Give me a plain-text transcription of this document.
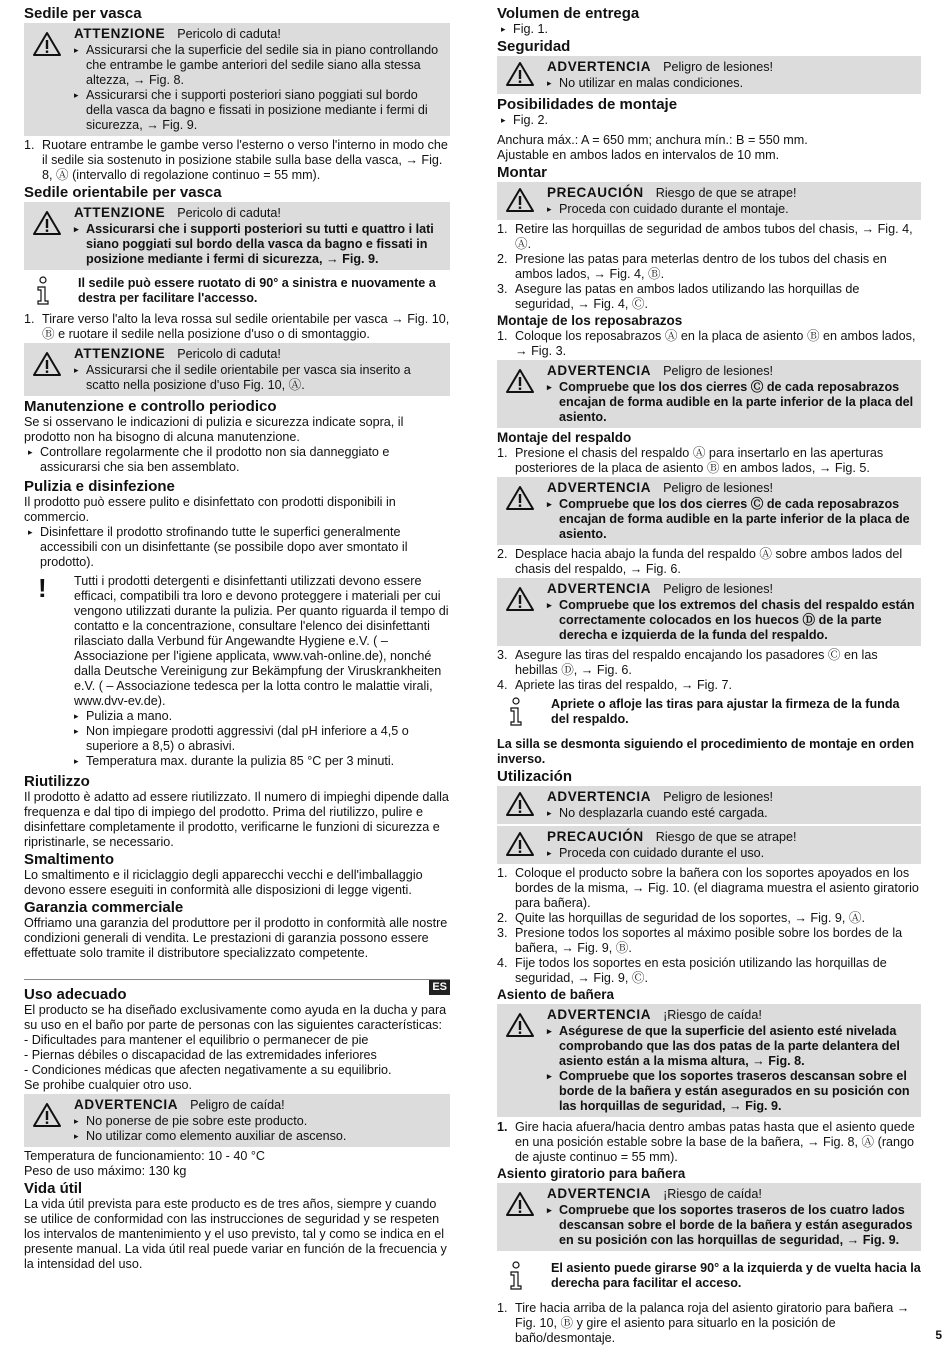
Sedile per vasca
ATTENZIONE Pericolo di caduta!

▸ Assicurarsi che la superficie del sedile sia in piano controllando che entrambe le gambe anteriori del sedile siano alla stessa altezza, → Fig. 8.

▸ Assicurarsi che i supporti posteriori siano poggiati sul bordo della vasca da bagno e fissati in posizione mediante i fermi di sicurezza, → Fig. 9.

1. Ruotare entrambe le gambe verso l'esterno o verso l'interno in modo che il sedile sia sostenuto in posizione stabile sulla base della vasca, → Fig. 8, Ⓐ (intervallo di regolazione continuo = 55 mm).

Sedile orientabile per vasca
ATTENZIONE Pericolo di caduta!

▸ Assicurarsi che i supporti posteriori su tutti e quattro i lati siano poggiati sul bordo della vasca da bagno e fissati in posizione mediante i fermi di sicurezza, → Fig. 9.

Il sedile può essere ruotato di 90° a sinistra e nuovamente a destra per facilitare l'accesso.

1. Tirare verso l'alto la leva rossa sul sedile orientabile per vasca → Fig. 10, Ⓑ e ruotare il sedile nella posizione d'uso o di smontaggio.

ATTENZIONE Pericolo di caduta!

▸ Assicurarsi che il sedile orientabile per vasca sia inserito a scatto nella posizione d'uso Fig. 10, Ⓐ.

Manutenzione e controllo periodico

Se si osservano le indicazioni di pulizia e sicurezza indicate sopra, il prodotto non ha bisogno di alcuna manutenzione.

▸ Controllare regolarmente che il prodotto non sia danneggiato e assicurarsi che sia ben assemblato.

Pulizia e disinfezione

Il prodotto può essere pulito e disinfettato con prodotti disponibili in commercio.

▸ Disinfettare il prodotto strofinando tutte le superfici generalmente accessibili con un disinfettante (se possibile dopo aver smontato il prodotto).

! Tutti i prodotti detergenti e disinfettanti utilizzati devono essere efficaci, compatibili tra loro e devono proteggere i materiali per cui vengono utilizzati durante la pulizia. Per quanto riguarda il tempo di contatto e la concentrazione, consultare l'elenco dei disinfettanti rilasciato dalla Verbund für Angewandte Hygiene e.V. ( – Associazione per l'igiene applicata, www.vah-online.de), nonché dalla Deutsche Vereinigung zur Bekämpfung der Viruskrankheiten e.V. ( – Associazione tedesca per la lotta contro le malattie virali, www.dvv-ev.de).

▸ Pulizia a mano.

▸ Non impiegare prodotti aggressivi (dal pH inferiore a 4,5 o superiore a 8,5) o abrasivi.

▸ Temperatura max. durante la pulizia 85 °C per 3 minuti.

Riutilizzo

Il prodotto è adatto ad essere riutilizzato. Il numero di impieghi dipende dalla frequenza e dal tipo di impiego del prodotto. Prima del riutilizzo, pulire e disinfettare completamente il prodotto, verificarne le funzioni di sicurezza e ripristinarle, se necessario.

Smaltimento

Lo smaltimento e il riciclaggio degli apparecchi vecchi e dell'imballaggio devono essere eseguiti in conformità alle disposizioni di legge vigenti.

Garanzia commerciale

Offriamo una garanzia del produttore per il prodotto in conformità alle nostre condizioni generali di vendita. Le prestazioni di garanzia possono essere effettuate solo tramite il distributore specializzato competente.

ES
Uso adecuado

El producto se ha diseñado exclusivamente como ayuda en la ducha y para su uso en el baño por parte de personas con las siguientes características:

- Dificultades para mantener el equilibrio o permanecer de pie

- Piernas débiles o discapacidad de las extremidades inferiores

- Condiciones médicas que afecten negativamente a su equilibrio.

Se prohibe cualquier otro uso.

ADVERTENCIA Peligro de caída!

▸ No ponerse de pie sobre este producto.

▸ No utilizar como elemento auxiliar de ascenso.

Temperatura de funcionamiento: 10 - 40 °C

Peso de uso máximo: 130 kg

Vida útil

La vida útil prevista para este producto es de tres años, siempre y cuando se utilice de conformidad con las instrucciones de seguridad y se respeten los intervalos de mantenimiento y el uso previsto, tal y como se indica en el presente manual. La vida útil real puede variar en función de la frecuencia y la intensidad del uso.

Volumen de entrega

▸ Fig. 1.

Seguridad
ADVERTENCIA Peligro de lesiones!

▸ No utilizar en malas condiciones.

Posibilidades de montaje

▸ Fig. 2.

Anchura máx.: A = 650 mm; anchura mín.: B = 550 mm.

Ajustable en ambos lados en intervalos de 10 mm.

Montar
PRECAUCIÓN Riesgo de que se atrape!

▸ Proceda con cuidado durante el montaje.

1. Retire las horquillas de seguridad de ambos tubos del chasis, → Fig. 4, Ⓐ.

2. Presione las patas para meterlas dentro de los tubos del chasis en ambos lados, → Fig. 4, Ⓑ.

3. Asegure las patas en ambos lados utilizando las horquillas de seguridad, → Fig. 4, Ⓒ.

Montaje de los reposabrazos

1. Coloque los reposabrazos Ⓐ en la placa de asiento Ⓑ en ambos lados, → Fig. 3.

ADVERTENCIA Peligro de lesiones!

▸ Compruebe que los dos cierres Ⓒ de cada reposabrazos encajan de forma audible en la parte inferior de la placa del asiento.

Montaje del respaldo

1. Presione el chasis del respaldo Ⓐ para insertarlo en las aperturas posteriores de la placa de asiento Ⓑ en ambos lados, → Fig. 5.

ADVERTENCIA Peligro de lesiones!

▸ Compruebe que los dos cierres Ⓒ de cada reposabrazos encajan de forma audible en la parte inferior de la placa de asiento.

2. Desplace hacia abajo la funda del respaldo Ⓐ sobre ambos lados del chasis del respaldo, → Fig. 6.

ADVERTENCIA Peligro de lesiones!

▸ Compruebe que los extremos del chasis del respaldo están correctamente colocados en los huecos Ⓓ de la parte derecha e izquierda de la funda del respaldo.

3. Asegure las tiras del respaldo encajando los pasadores Ⓒ en las hebillas Ⓓ, → Fig. 6.

4. Apriete las tiras del respaldo, → Fig. 7.

Apriete o afloje las tiras para ajustar la firmeza de la funda del respaldo.

La silla se desmonta siguiendo el procedimiento de montaje en orden inverso.

Utilización
ADVERTENCIA Peligro de lesiones!

▸ No desplazarla cuando esté cargada.

PRECAUCIÓN Riesgo de que se atrape!

▸ Proceda con cuidado durante el uso.

1. Coloque el producto sobre la bañera con los soportes apoyados en los bordes de la misma, → Fig. 10. (el diagrama muestra el asiento giratorio para bañera).

2. Quite las horquillas de seguridad de los soportes, → Fig. 9, Ⓐ.

3. Presione todos los soportes al máximo posible sobre los bordes de la bañera, → Fig. 9, Ⓑ.

4. Fije todos los soportes en esta posición utilizando las horquillas de seguridad, → Fig. 9, Ⓒ.

Asiento de bañera
ADVERTENCIA ¡Riesgo de caída!

▸ Aségurese de que la superficie del asiento esté nivelada comprobando que las dos patas de la parte delantera del asiento están a la misma altura, → Fig. 8.

▸ Compruebe que los soportes traseros descansan sobre el borde de la bañera y están asegurados en su posición con las horquillas de seguridad, → Fig. 9.

1. Gire hacia afuera/hacia dentro ambas patas hasta que el asiento quede en una posición estable sobre la base de la bañera, → Fig. 8, Ⓐ (rango de ajuste continuo = 55 mm).

Asiento giratorio para bañera
ADVERTENCIA ¡Riesgo de caída!

▸ Compruebe que los soportes traseros de los cuatro lados descansan sobre el borde de la bañera y están asegurados en su posición con las horquillas de seguridad, → Fig. 9.

El asiento puede girarse 90° a la izquierda y de vuelta hacia la derecha para facilitar el acceso.

1. Tire hacia arriba de la palanca roja del asiento giratorio para bañera → Fig. 10, Ⓑ y gire el asiento para situarlo en la posición de baño/desmontaje.	5
